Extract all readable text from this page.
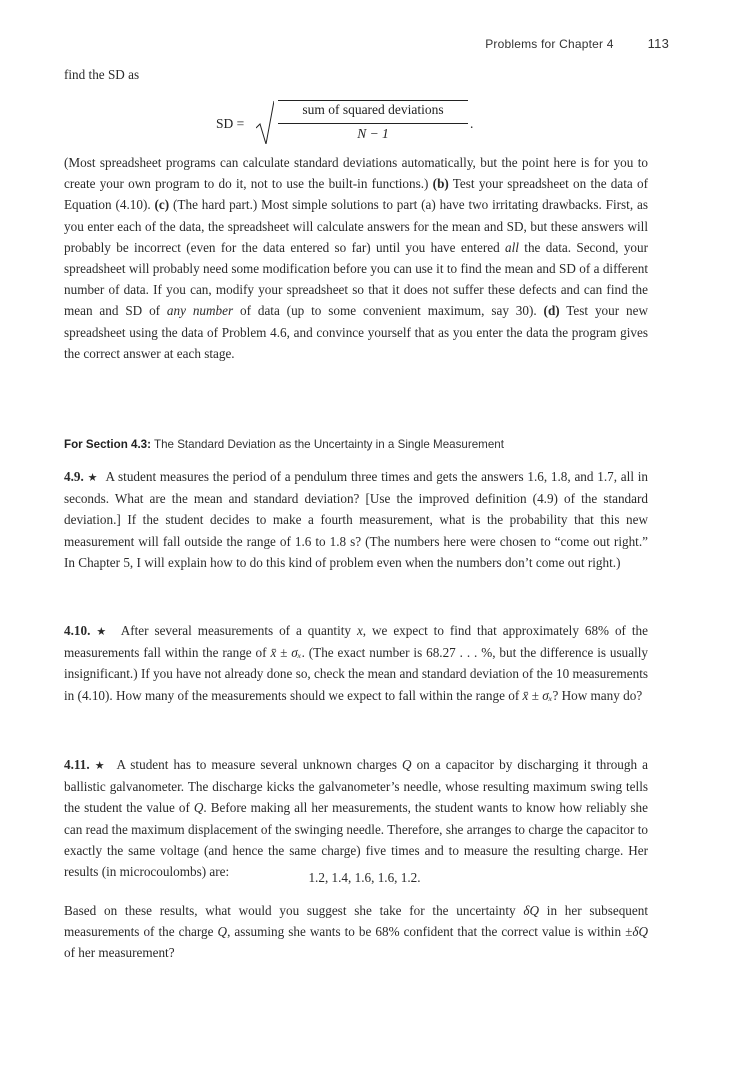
Problems for Chapter 4	113
find the SD as
SD =
sum of squared deviations
N − 1
.
(Most spreadsheet programs can calculate standard deviations automatically, but the point here is for you to create your own program to do it, not to use the built-in functions.) (b) Test your spreadsheet on the data of Equation (4.10). (c) (The hard part.) Most simple solutions to part (a) have two irritating drawbacks. First, as you enter each of the data, the spreadsheet will calculate answers for the mean and SD, but these answers will probably be incorrect (even for the data entered so far) until you have entered all the data. Second, your spreadsheet will probably need some modification before you can use it to find the mean and SD of a different number of data. If you can, modify your spreadsheet so that it does not suffer these defects and can find the mean and SD of any number of data (up to some convenient maximum, say 30). (d) Test your new spreadsheet using the data of Problem 4.6, and convince yourself that as you enter the data the program gives the correct answer at each stage.
For Section 4.3: The Standard Deviation as the Uncertainty in a Single Measurement
4.9. ★ A student measures the period of a pendulum three times and gets the answers 1.6, 1.8, and 1.7, all in seconds. What are the mean and standard deviation? [Use the improved definition (4.9) of the standard deviation.] If the student decides to make a fourth measurement, what is the probability that this new measurement will fall outside the range of 1.6 to 1.8 s? (The numbers here were chosen to “come out right.” In Chapter 5, I will explain how to do this kind of problem even when the numbers don’t come out right.)
4.10. ★ After several measurements of a quantity x, we expect to find that approximately 68% of the measurements fall within the range of x̄ ± σₓ. (The exact number is 68.27 . . . %, but the difference is usually insignificant.) If you have not already done so, check the mean and standard deviation of the 10 measurements in (4.10). How many of the measurements should we expect to fall within the range of x̄ ± σₓ? How many do?
4.11. ★ A student has to measure several unknown charges Q on a capacitor by discharging it through a ballistic galvanometer. The discharge kicks the galvanometer’s needle, whose resulting maximum swing tells the student the value of Q. Before making all her measurements, the student wants to know how reliably she can read the maximum displacement of the swinging needle. Therefore, she arranges to charge the capacitor to exactly the same voltage (and hence the same charge) five times and to measure the resulting charge. Her results (in microcoulombs) are:	1.2, 1.4, 1.6, 1.6, 1.2.
Based on these results, what would you suggest she take for the uncertainty δQ in her subsequent measurements of the charge Q, assuming she wants to be 68% confident that the correct value is within ±δQ of her measurement?
